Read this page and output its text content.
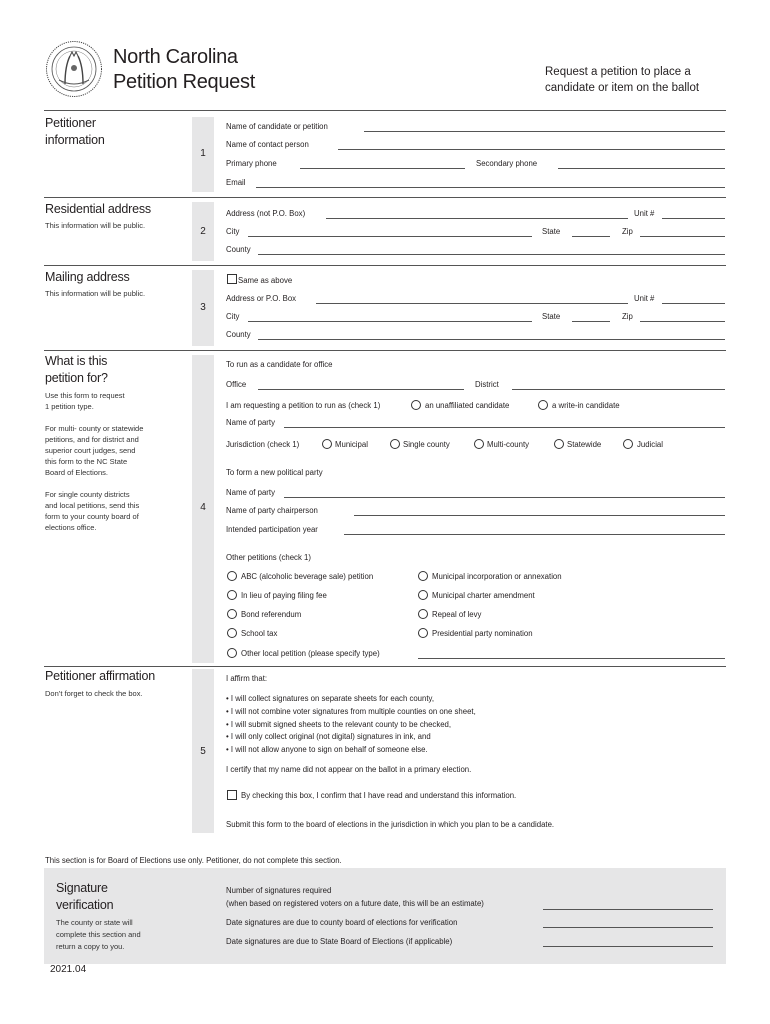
North Carolina
Petition Request	Request a petition to place a
candidate or item on the ballot
Petitioner
information
1
Name of candidate or petition
Name of contact person
Primary phone	Secondary phone
Email
Residential address
This information will be public.
2
Address (not P.O. Box)	Unit #
City	State	Zip
County
Mailing address
This information will be public.
3
Same as above
Address or P.O. Box	Unit #
City	State	Zip
County
What is this
petition for?
Use this form to request
1 petition type.
For multi- county or statewide
petitions, and for district and
superior court judges, send
this form to the NC State
Board of Elections.
For single county districts
and local petitions, send this
form to your county board of
elections office.
4
To run as a candidate for office
Office	District
I am requesting a petition to run as (check 1)	an unaffiliated candidate	a write-in candidate
Name of party
Jurisdiction (check 1)	Municipal	Single county	Multi-county	Statewide	Judicial
To form a new political party
Name of party
Name of party chairperson
Intended participation year
Other petitions (check 1)
ABC (alcoholic beverage sale) petition	Municipal incorporation or annexation
In lieu of paying filing fee	Municipal charter amendment
Bond referendum	Repeal of levy
School tax	Presidential party nomination
Other local petition (please specify type)
Petitioner affirmation
Don’t forget to check the box.
5
I affirm that:
• I will collect signatures on separate sheets for each county,
• I will not combine voter signatures from multiple counties on one sheet,
• I will submit signed sheets to the relevant county to be checked,
• I will only collect original (not digital) signatures in ink, and
• I will not allow anyone to sign on behalf of someone else.
I certify that my name did not appear on the ballot in a primary election.
By checking this box, I confirm that I have read and understand this information.
Submit this form to the board of elections in the jurisdiction in which you plan to be a candidate.
This section is for Board of Elections use only. Petitioner, do not complete this section.
Signature
verification
The county or state will
complete this section and
return a copy to you.
Number of signatures required
(when based on registered voters on a future date, this will be an estimate)
Date signatures are due to county board of elections for verification
Date signatures are due to State Board of Elections (if applicable)
2021.04
